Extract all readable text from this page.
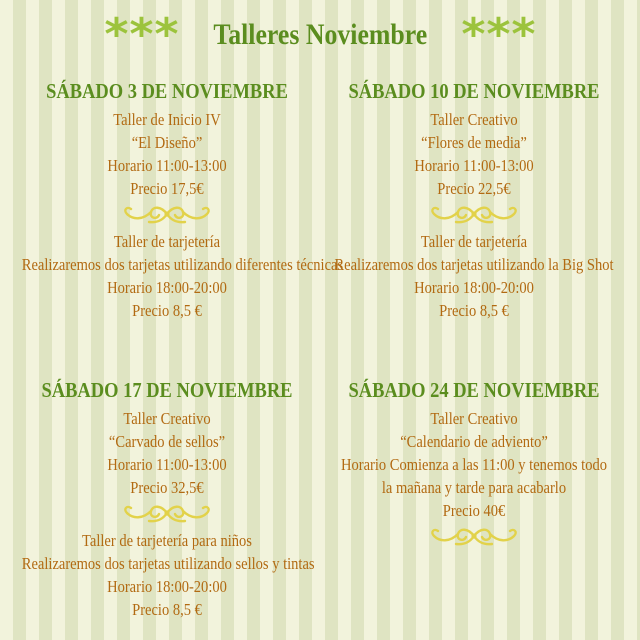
* * * Talleres Noviembre * * *
SÁBADO 3 DE NOVIEMBRE
Taller de Inicio IV
“El Diseño”
Horario 11:00-13:00
Precio 17,5€
Taller de tarjetería
Realizaremos dos tarjetas utilizando diferentes técnicas
Horario 18:00-20:00
Precio 8,5 €
SÁBADO 10 DE NOVIEMBRE
Taller Creativo
“Flores de media”
Horario 11:00-13:00
Precio 22,5€
Taller de tarjetería
Realizaremos dos tarjetas utilizando la Big Shot
Horario 18:00-20:00
Precio 8,5 €
SÁBADO 17 DE NOVIEMBRE
Taller Creativo
“Carvado de sellos”
Horario 11:00-13:00
Precio 32,5€
Taller de tarjetería para niños
Realizaremos dos tarjetas utilizando sellos y tintas
Horario 18:00-20:00
Precio 8,5 €
SÁBADO 24 DE NOVIEMBRE
Taller Creativo
“Calendario de adviento”
Horario Comienza a las 11:00 y tenemos todo
la mañana y tarde para acabarlo
Precio 40€
